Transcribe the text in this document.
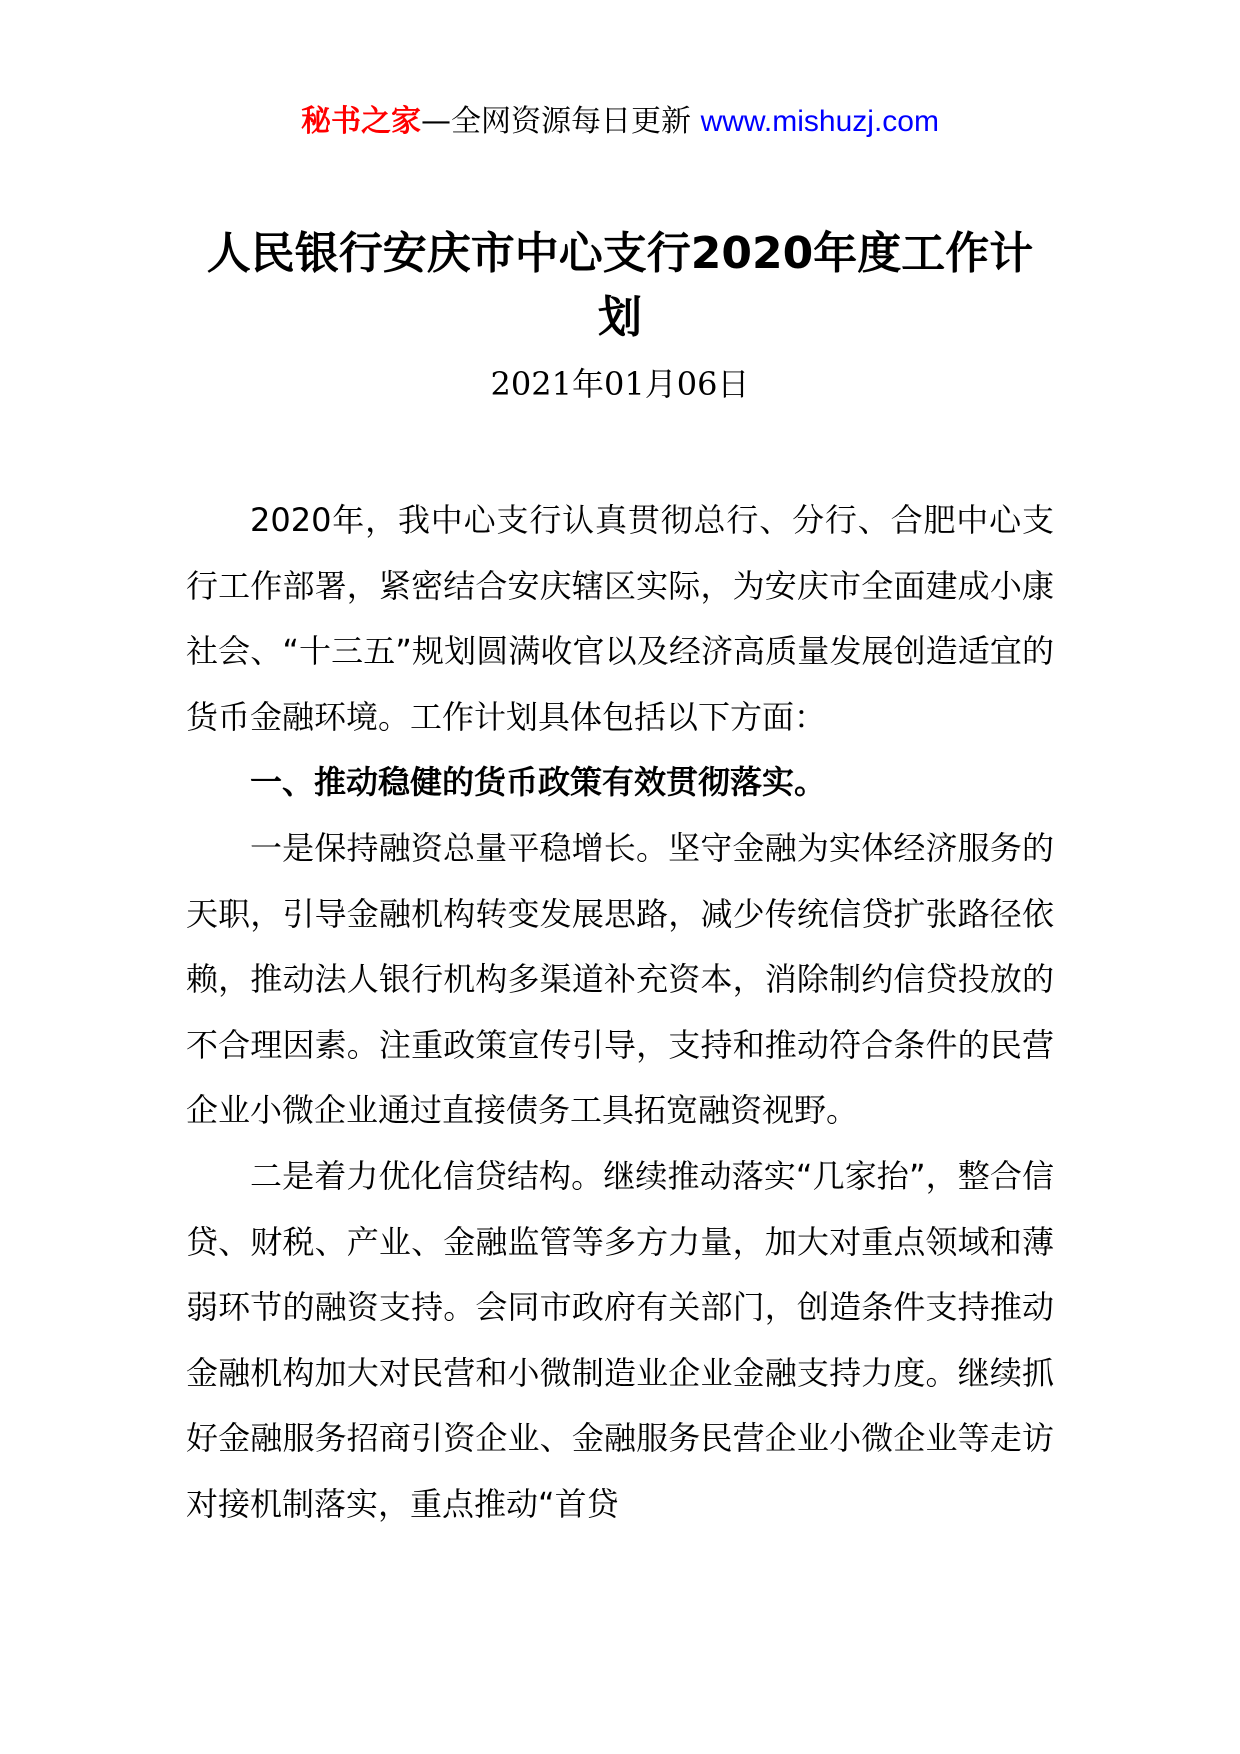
秘书之家—全网资源每日更新 www.mishuzj.com
人民银行安庆市中心支行2020年度工作计划
2021年01月06日

2020年，我中心支行认真贯彻总行、分行、合肥中心支行工作部署，紧密结合安庆辖区实际，为安庆市全面建成小康社会、“十三五”规划圆满收官以及经济高质量发展创造适宜的货币金融环境。工作计划具体包括以下方面：

一、推动稳健的货币政策有效贯彻落实。

一是保持融资总量平稳增长。坚守金融为实体经济服务的天职，引导金融机构转变发展思路，减少传统信贷扩张路径依赖，推动法人银行机构多渠道补充资本，消除制约信贷投放的不合理因素。注重政策宣传引导，支持和推动符合条件的民营企业小微企业通过直接债务工具拓宽融资视野。

二是着力优化信贷结构。继续推动落实“几家抬”，整合信贷、财税、产业、金融监管等多方力量，加大对重点领域和薄弱环节的融资支持。会同市政府有关部门，创造条件支持推动金融机构加大对民营和小微制造业企业金融支持力度。继续抓好金融服务招商引资企业、金融服务民营企业小微企业等走访对接机制落实，重点推动“首贷
